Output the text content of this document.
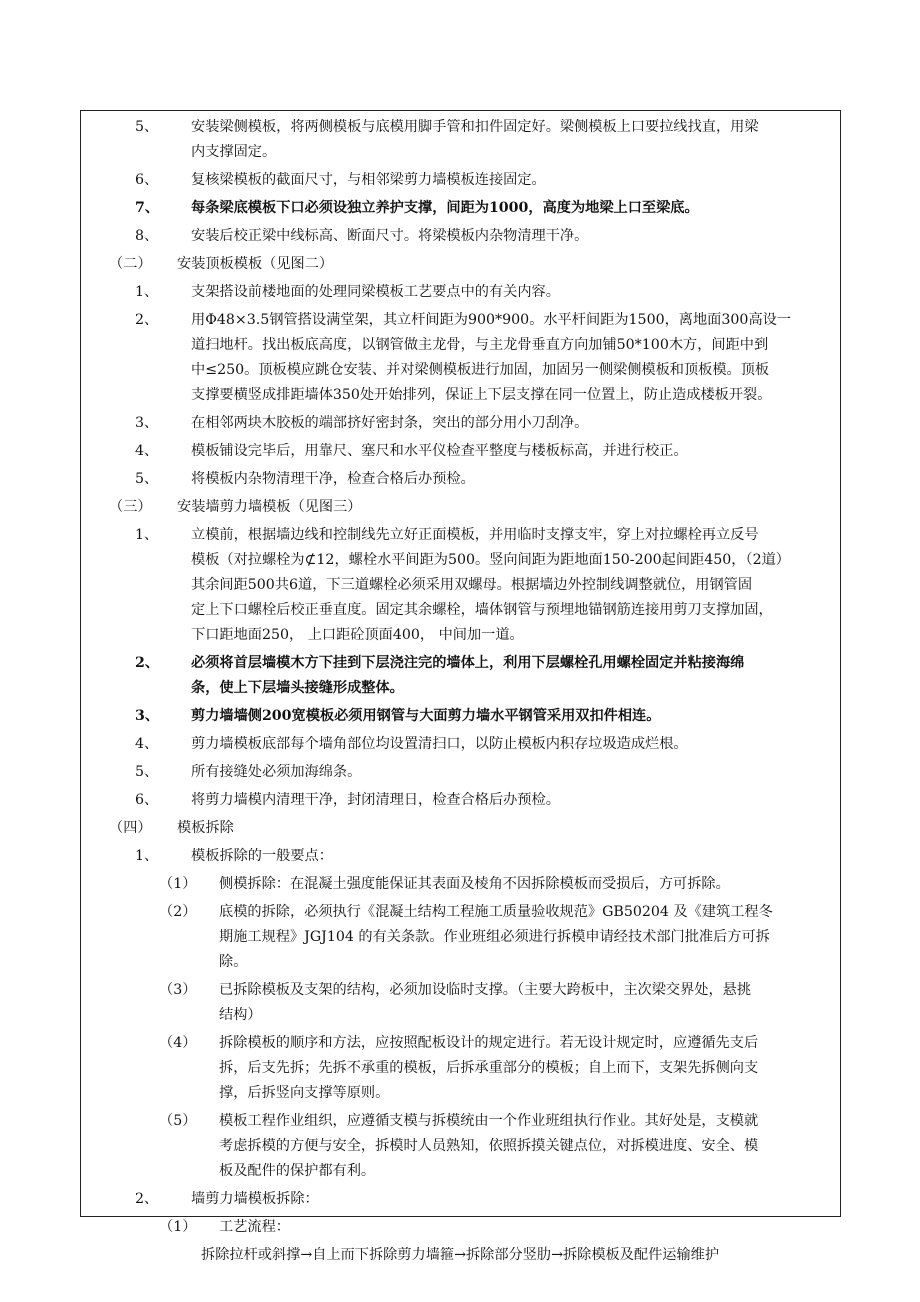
5、 安装梁侧模板，将两侧模板与底模用脚手管和扣件固定好。梁侧模板上口要拉线找直，用梁
内支撑固定。
6、 复核梁模板的截面尺寸，与相邻梁剪力墙模板连接固定。
7、 每条梁底模板下口必须设独立养护支撑，间距为1000，高度为地梁上口至梁底。
8、 安装后校正梁中线标高、断面尺寸。将梁模板内杂物清理干净。
（二） 安装顶板模板（见图二）
1、 支架搭设前楼地面的处理同梁模板工艺要点中的有关内容。
2、 用Φ48×3.5钢管搭设满堂架，其立杆间距为900*900。水平杆间距为1500，离地面300高设一
道扫地杆。找出板底高度，以钢管做主龙骨，与主龙骨垂直方向加铺50*100木方，间距中到
中≤250。顶板模应跳仓安装、并对梁侧模板进行加固，加固另一侧梁侧模板和顶板模。顶板
支撑要横竖成排距墙体350处开始排列，保证上下层支撑在同一位置上，防止造成楼板开裂。
3、 在相邻两块木胶板的端部挤好密封条，突出的部分用小刀刮净。
4、 模板铺设完毕后，用靠尺、塞尺和水平仪检查平整度与楼板标高，并进行校正。
5、 将模板内杂物清理干净，检查合格后办预检。
（三） 安装墙剪力墙模板（见图三）
1、 立模前，根据墙边线和控制线先立好正面模板，并用临时支撑支牢，穿上对拉螺栓再立反号
模板（对拉螺栓为⊄12，螺栓水平间距为500。竖向间距为距地面150-200起间距450，（2道）
其余间距500共6道，下三道螺栓必须采用双螺母。根据墙边外控制线调整就位，用钢管固
定上下口螺栓后校正垂直度。固定其余螺栓，墙体钢管与预埋地锚钢筋连接用剪刀支撑加固，
下口距地面250， 上口距砼顶面400， 中间加一道。
2、 必须将首层墙模木方下挂到下层浇注完的墙体上，利用下层螺栓孔用螺栓固定并粘接海绵
条，使上下层墙头接缝形成整体。
3、 剪力墙墙侧200宽模板必须用钢管与大面剪力墙水平钢管采用双扣件相连。
4、 剪力墙模板底部每个墙角部位均设置清扫口，以防止模板内积存垃圾造成烂根。
5、 所有接缝处必须加海绵条。
6、 将剪力墙模内清理干净，封闭清理日，检查合格后办预检。
（四） 模板拆除
1、 模板拆除的一般要点：
（1） 侧模拆除：在混凝土强度能保证其表面及棱角不因拆除模板而受损后，方可拆除。
（2） 底模的拆除，必须执行《混凝土结构工程施工质量验收规范》GB50204 及《建筑工程冬
期施工规程》JGJ104 的有关条款。作业班组必须进行拆模申请经技术部门批准后方可拆
除。
（3） 已拆除模板及支架的结构，必须加设临时支撑。（主要大跨板中，主次梁交界处，悬挑
结构）
（4） 拆除模板的顺序和方法，应按照配板设计的规定进行。若无设计规定时，应遵循先支后
拆，后支先拆；先拆不承重的模板，后拆承重部分的模板；自上而下，支架先拆侧向支
撑，后拆竖向支撑等原则。
（5） 模板工程作业组织，应遵循支模与拆模统由一个作业班组执行作业。其好处是，支模就
考虑拆模的方便与安全，拆模时人员熟知，依照拆摸关键点位，对拆模进度、安全、模
板及配件的保护都有利。
2、 墙剪力墙模板拆除：
（1） 工艺流程：
拆除拉杆或斜撑→自上而下拆除剪力墙箍→拆除部分竖肋→拆除模板及配件运输维护
